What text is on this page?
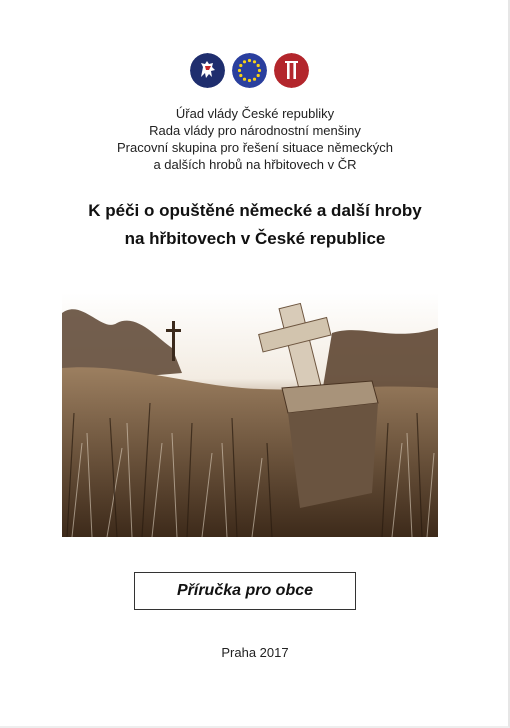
Úřad vlády České republiky
Rada vlády pro národnostní menšiny
Pracovní skupina pro řešení situace německých
a dalších hrobů na hřbitovech v ČR
K péči o opuštěné německé a další hroby
na hřbitovech v České republice
Příručka pro obce
Praha 2017
